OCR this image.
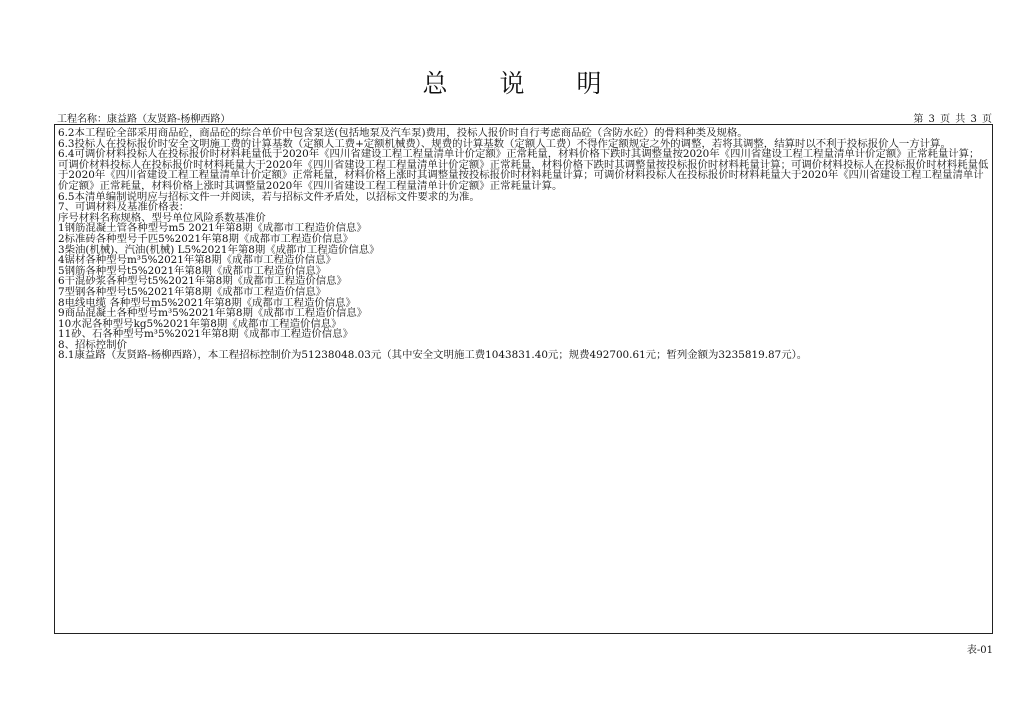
总 说 明
工程名称：康益路（友贤路-杨柳西路）	第 3 页 共 3 页
6.2本工程砼全部采用商品砼，商品砼的综合单价中包含泵送(包括地泵及汽车泵)费用，投标人报价时自行考虑商品砼（含防水砼）的骨料种类及规格。
6.3投标人在投标报价时安全文明施工费的计算基数（定额人工费+定额机械费）、规费的计算基数（定额人工费）不得作定额规定之外的调整，若将其调整，结算时以不利于投标报价人一方计算。
6.4可调价材料投标人在投标报价时材料耗量低于2020年《四川省建设工程工程量清单计价定额》正常耗量，材料价格下跌时其调整量按2020年《四川省建设工程工程量清单计价定额》正常耗量计算；可调价材料投标人在投标报价时材料耗量大于2020年《四川省建设工程工程量清单计价定额》正常耗量，材料价格下跌时其调整量按投标报价时材料耗量计算；可调价材料投标人在投标报价时材料耗量低于2020年《四川省建设工程工程量清单计价定额》正常耗量，材料价格上涨时其调整量按投标报价时材料耗量计算；可调价材料投标人在投标报价时材料耗量大于2020年《四川省建设工程工程量清单计价定额》正常耗量，材料价格上涨时其调整量2020年《四川省建设工程工程量清单计价定额》正常耗量计算。
6.5本清单编制说明应与招标文件一并阅读，若与招标文件矛盾处，以招标文件要求的为准。
7、可调材料及基准价格表：
序号材料名称规格、型号单位风险系数基准价
1钢筋混凝土管各种型号m5 2021年第8期《成都市工程造价信息》
2标准砖各种型号千匹5%2021年第8期《成都市工程造价信息》
3柴油(机械)、汽油(机械) L5%2021年第8期《成都市工程造价信息》
4锯材各种型号m³5%2021年第8期《成都市工程造价信息》
5钢筋各种型号t5%2021年第8期《成都市工程造价信息》
6干混砂浆各种型号t5%2021年第8期《成都市工程造价信息》
7型钢各种型号t5%2021年第8期《成都市工程造价信息》
8电线电缆 各种型号m5%2021年第8期《成都市工程造价信息》
9商品混凝土各种型号m³5%2021年第8期《成都市工程造价信息》
10水泥各种型号kg5%2021年第8期《成都市工程造价信息》
11砂、石各种型号m³5%2021年第8期《成都市工程造价信息》
8、招标控制价
8.1康益路（友贤路-杨柳西路），本工程招标控制价为51238048.03元（其中安全文明施工费1043831.40元；规费492700.61元；暂列金额为3235819.87元）。
表-01
